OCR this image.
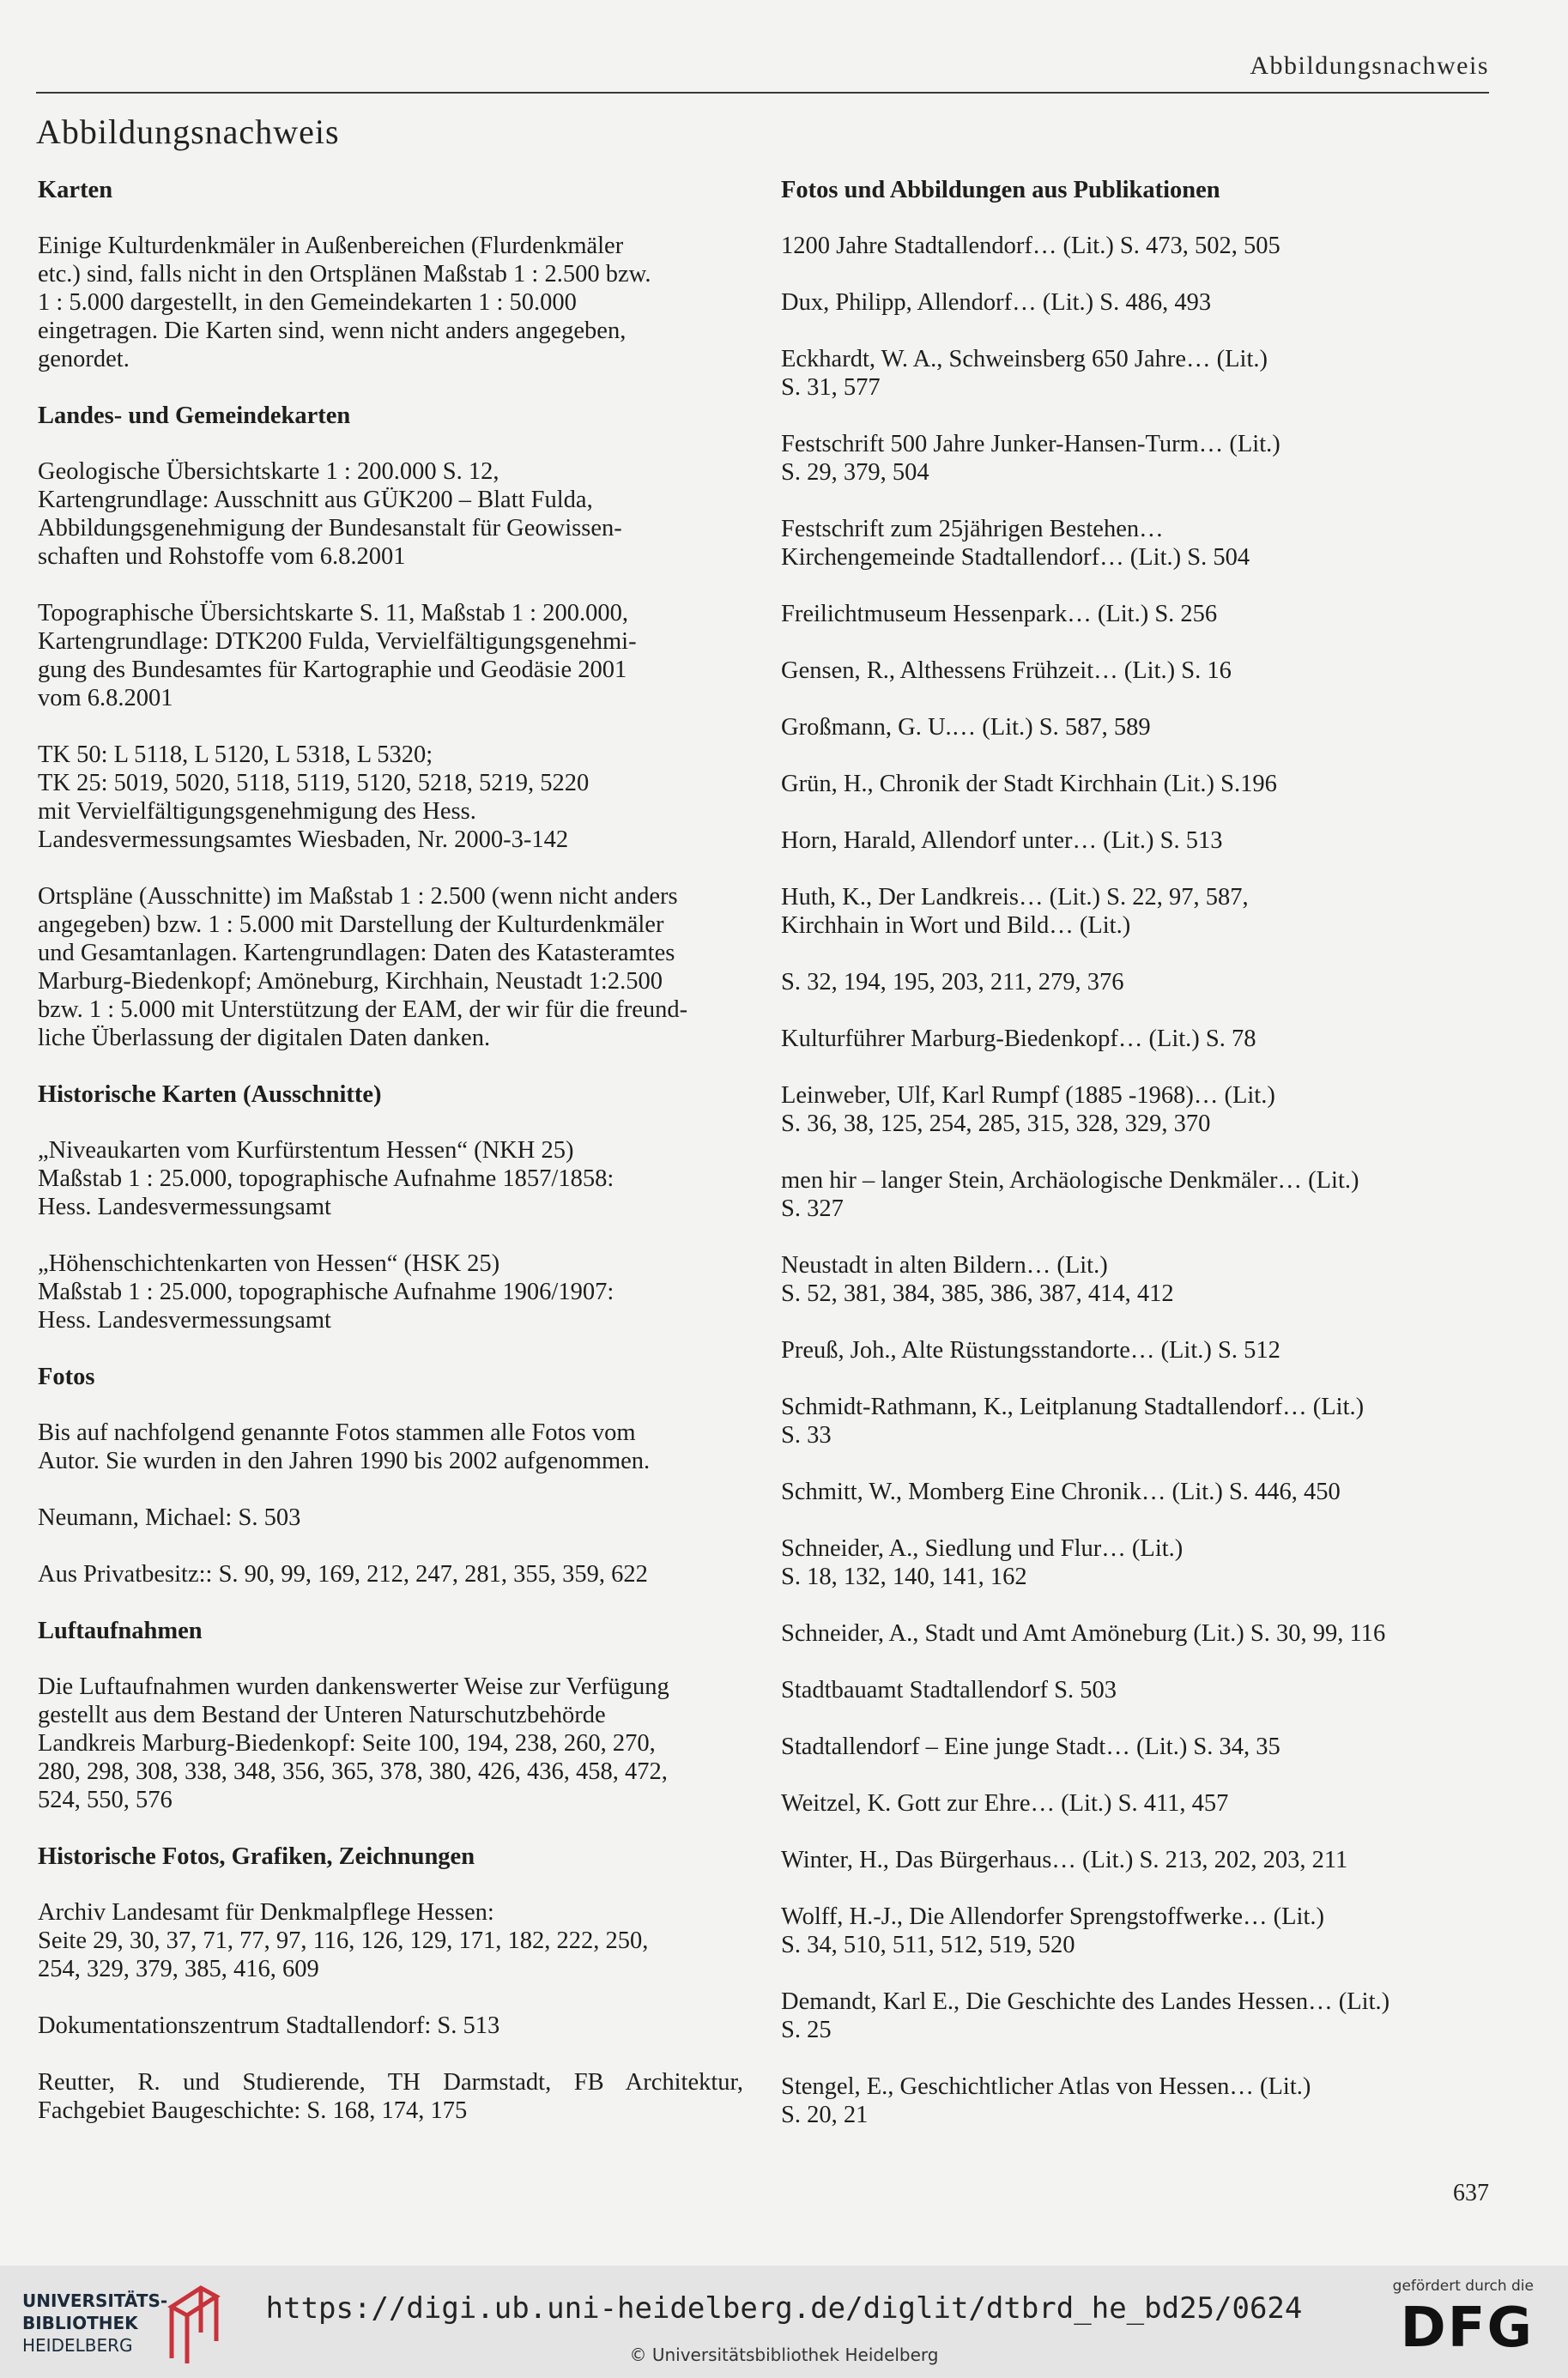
Abbildungsnachweis
Abbildungsnachweis
Karten
Einige Kulturdenkmäler in Außenbereichen (Flurdenkmäler
etc.) sind, falls nicht in den Ortsplänen Maßstab 1 : 2.500 bzw.
1 : 5.000 dargestellt, in den Gemeindekarten 1 : 50.000
eingetragen. Die Karten sind, wenn nicht anders angegeben,
genordet.
Landes- und Gemeindekarten
Geologische Übersichtskarte 1 : 200.000 S. 12,
Kartengrundlage: Ausschnitt aus GÜK200 – Blatt Fulda,
Abbildungsgenehmigung der Bundesanstalt für Geowissen-
schaften und Rohstoffe vom 6.8.2001
Topographische Übersichtskarte S. 11, Maßstab 1 : 200.000,
Kartengrundlage: DTK200 Fulda, Vervielfältigungsgenehmi-
gung des Bundesamtes für Kartographie und Geodäsie 2001
vom 6.8.2001
TK 50: L 5118, L 5120, L 5318, L 5320;
TK 25: 5019, 5020, 5118, 5119, 5120, 5218, 5219, 5220
mit Vervielfältigungsgenehmigung des Hess.
Landesvermessungsamtes Wiesbaden, Nr. 2000-3-142
Ortspläne (Ausschnitte) im Maßstab 1 : 2.500 (wenn nicht anders
angegeben) bzw. 1 : 5.000 mit Darstellung der Kulturdenkmäler
und Gesamtanlagen. Kartengrundlagen: Daten des Katasteramtes
Marburg-Biedenkopf; Amöneburg, Kirchhain, Neustadt 1:2.500
bzw. 1 : 5.000 mit Unterstützung der EAM, der wir für die freund-
liche Überlassung der digitalen Daten danken.
Historische Karten (Ausschnitte)
„Niveaukarten vom Kurfürstentum Hessen“ (NKH 25)
Maßstab 1 : 25.000, topographische Aufnahme 1857/1858:
Hess. Landesvermessungsamt
„Höhenschichtenkarten von Hessen“ (HSK 25)
Maßstab 1 : 25.000, topographische Aufnahme 1906/1907:
Hess. Landesvermessungsamt
Fotos
Bis auf nachfolgend genannte Fotos stammen alle Fotos vom
Autor. Sie wurden in den Jahren 1990 bis 2002 aufgenommen.
Neumann, Michael: S. 503
Aus Privatbesitz:: S. 90, 99, 169, 212, 247, 281, 355, 359, 622
Luftaufnahmen
Die Luftaufnahmen wurden dankenswerter Weise zur Verfügung
gestellt aus dem Bestand der Unteren Naturschutzbehörde
Landkreis Marburg-Biedenkopf: Seite 100, 194, 238, 260, 270,
280, 298, 308, 338, 348, 356, 365, 378, 380, 426, 436, 458, 472,
524, 550, 576
Historische Fotos, Grafiken, Zeichnungen
Archiv Landesamt für Denkmalpflege Hessen:
Seite 29, 30, 37, 71, 77, 97, 116, 126, 129, 171, 182, 222, 250,
254, 329, 379, 385, 416, 609
Dokumentationszentrum Stadtallendorf: S. 513
Reutter, R. und Studierende, TH Darmstadt, FB Architektur,
Fachgebiet Baugeschichte: S. 168, 174, 175
Fotos und Abbildungen aus Publikationen
1200 Jahre Stadtallendorf… (Lit.) S. 473, 502, 505
Dux, Philipp, Allendorf… (Lit.) S. 486, 493
Eckhardt, W. A., Schweinsberg 650 Jahre… (Lit.)
S. 31, 577
Festschrift 500 Jahre Junker-Hansen-Turm… (Lit.)
S. 29, 379, 504
Festschrift zum 25jährigen Bestehen…
Kirchengemeinde Stadtallendorf… (Lit.) S. 504
Freilichtmuseum Hessenpark… (Lit.) S. 256
Gensen, R., Althessens Frühzeit… (Lit.) S. 16
Großmann, G. U.… (Lit.) S. 587, 589
Grün, H., Chronik der Stadt Kirchhain (Lit.) S.196
Horn, Harald, Allendorf unter… (Lit.) S. 513
Huth, K., Der Landkreis… (Lit.) S. 22, 97, 587,
Kirchhain in Wort und Bild… (Lit.)
S. 32, 194, 195, 203, 211, 279, 376
Kulturführer Marburg-Biedenkopf… (Lit.) S. 78
Leinweber, Ulf, Karl Rumpf (1885 -1968)… (Lit.)
S. 36, 38, 125, 254, 285, 315, 328, 329, 370
men hir – langer Stein, Archäologische Denkmäler… (Lit.)
S. 327
Neustadt in alten Bildern… (Lit.)
S. 52, 381, 384, 385, 386, 387, 414, 412
Preuß, Joh., Alte Rüstungsstandorte… (Lit.) S. 512
Schmidt-Rathmann, K., Leitplanung Stadtallendorf… (Lit.)
S. 33
Schmitt, W., Momberg Eine Chronik… (Lit.) S. 446, 450
Schneider, A., Siedlung und Flur… (Lit.)
S. 18, 132, 140, 141, 162
Schneider, A., Stadt und Amt Amöneburg (Lit.) S. 30, 99, 116
Stadtbauamt Stadtallendorf S. 503
Stadtallendorf – Eine junge Stadt… (Lit.) S. 34, 35
Weitzel, K. Gott zur Ehre… (Lit.) S. 411, 457
Winter, H., Das Bürgerhaus… (Lit.) S. 213, 202, 203, 211
Wolff, H.-J., Die Allendorfer Sprengstoffwerke… (Lit.)
S. 34, 510, 511, 512, 519, 520
Demandt, Karl E., Die Geschichte des Landes Hessen… (Lit.)
S. 25
Stengel, E., Geschichtlicher Atlas von Hessen… (Lit.)
S. 20, 21
637
UNIVERSITÄTS-
BIBLIOTHEK
HEIDELBERG
https://digi.ub.uni-heidelberg.de/diglit/dtbrd_he_bd25/0624
© Universitätsbibliothek Heidelberg
gefördert durch die
DFG
